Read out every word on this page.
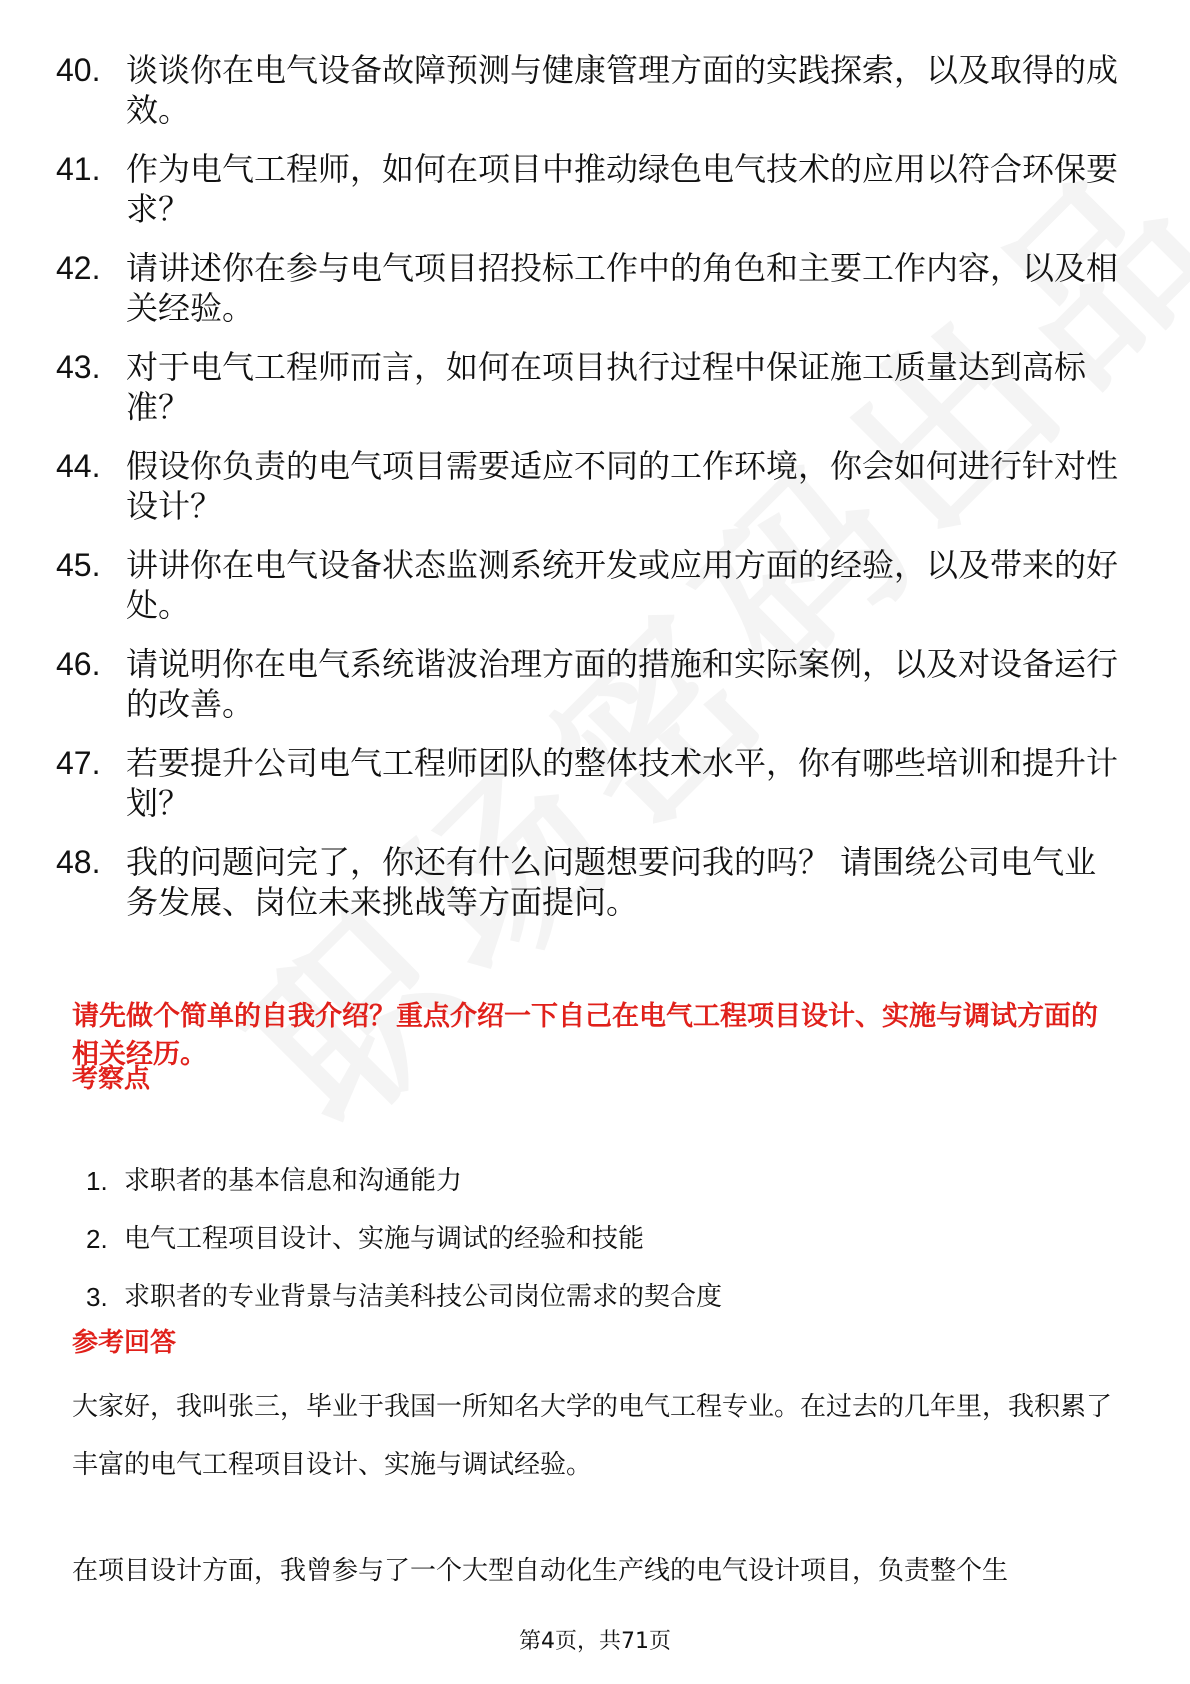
40. 谈谈你在电气设备故障预测与健康管理方面的实践探索，以及取得的成效。
41. 作为电气工程师，如何在项目中推动绿色电气技术的应用以符合环保要求？
42. 请讲述你在参与电气项目招投标工作中的角色和主要工作内容，以及相关经验。
43. 对于电气工程师而言，如何在项目执行过程中保证施工质量达到高标准？
44. 假设你负责的电气项目需要适应不同的工作环境，你会如何进行针对性设计？
45. 讲讲你在电气设备状态监测系统开发或应用方面的经验，以及带来的好处。
46. 请说明你在电气系统谐波治理方面的措施和实际案例，以及对设备运行的改善。
47. 若要提升公司电气工程师团队的整体技术水平，你有哪些培训和提升计划？
48. 我的问题问完了，你还有什么问题想要问我的吗？ 请围绕公司电气业务发展、岗位未来挑战等方面提问。

请先做个简单的自我介绍？重点介绍一下自己在电气工程项目设计、实施与调试方面的相关经历。

考察点
1. 求职者的基本信息和沟通能力
2. 电气工程项目设计、实施与调试的经验和技能
3. 求职者的专业背景与洁美科技公司岗位需求的契合度
参考回答

大家好，我叫张三，毕业于我国一所知名大学的电气工程专业。在过去的几年里，我积累了丰富的电气工程项目设计、实施与调试经验。

在项目设计方面，我曾参与了一个大型自动化生产线的电气设计项目，负责整个生

第4页，共71页
